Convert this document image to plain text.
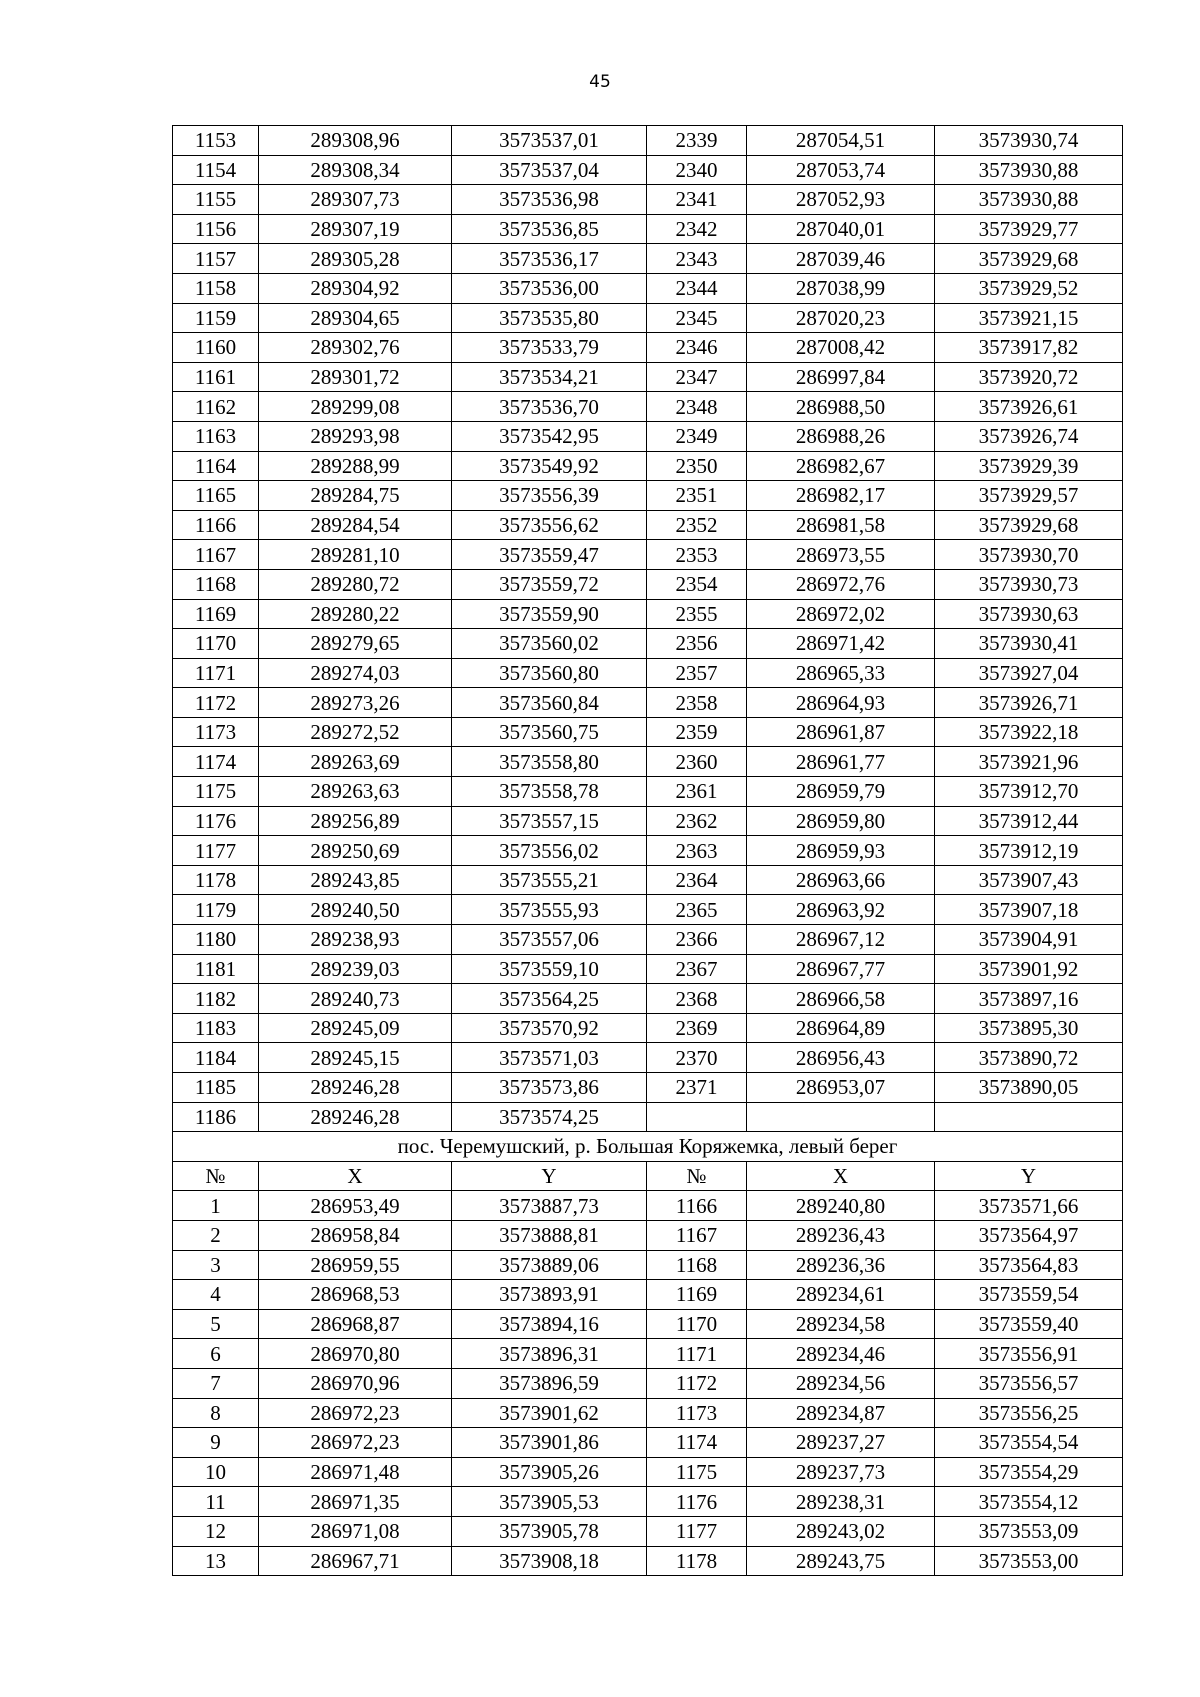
45
1153	289308,96	3573537,01	2339	287054,51	3573930,74
1154	289308,34	3573537,04	2340	287053,74	3573930,88
1155	289307,73	3573536,98	2341	287052,93	3573930,88
1156	289307,19	3573536,85	2342	287040,01	3573929,77
1157	289305,28	3573536,17	2343	287039,46	3573929,68
1158	289304,92	3573536,00	2344	287038,99	3573929,52
1159	289304,65	3573535,80	2345	287020,23	3573921,15
1160	289302,76	3573533,79	2346	287008,42	3573917,82
1161	289301,72	3573534,21	2347	286997,84	3573920,72
1162	289299,08	3573536,70	2348	286988,50	3573926,61
1163	289293,98	3573542,95	2349	286988,26	3573926,74
1164	289288,99	3573549,92	2350	286982,67	3573929,39
1165	289284,75	3573556,39	2351	286982,17	3573929,57
1166	289284,54	3573556,62	2352	286981,58	3573929,68
1167	289281,10	3573559,47	2353	286973,55	3573930,70
1168	289280,72	3573559,72	2354	286972,76	3573930,73
1169	289280,22	3573559,90	2355	286972,02	3573930,63
1170	289279,65	3573560,02	2356	286971,42	3573930,41
1171	289274,03	3573560,80	2357	286965,33	3573927,04
1172	289273,26	3573560,84	2358	286964,93	3573926,71
1173	289272,52	3573560,75	2359	286961,87	3573922,18
1174	289263,69	3573558,80	2360	286961,77	3573921,96
1175	289263,63	3573558,78	2361	286959,79	3573912,70
1176	289256,89	3573557,15	2362	286959,80	3573912,44
1177	289250,69	3573556,02	2363	286959,93	3573912,19
1178	289243,85	3573555,21	2364	286963,66	3573907,43
1179	289240,50	3573555,93	2365	286963,92	3573907,18
1180	289238,93	3573557,06	2366	286967,12	3573904,91
1181	289239,03	3573559,10	2367	286967,77	3573901,92
1182	289240,73	3573564,25	2368	286966,58	3573897,16
1183	289245,09	3573570,92	2369	286964,89	3573895,30
1184	289245,15	3573571,03	2370	286956,43	3573890,72
1185	289246,28	3573573,86	2371	286953,07	3573890,05
1186	289246,28	3573574,25			
пос. Черемушский, р. Большая Коряжемка, левый берег					
№	X	Y	№	X	Y
1	286953,49	3573887,73	1166	289240,80	3573571,66
2	286958,84	3573888,81	1167	289236,43	3573564,97
3	286959,55	3573889,06	1168	289236,36	3573564,83
4	286968,53	3573893,91	1169	289234,61	3573559,54
5	286968,87	3573894,16	1170	289234,58	3573559,40
6	286970,80	3573896,31	1171	289234,46	3573556,91
7	286970,96	3573896,59	1172	289234,56	3573556,57
8	286972,23	3573901,62	1173	289234,87	3573556,25
9	286972,23	3573901,86	1174	289237,27	3573554,54
10	286971,48	3573905,26	1175	289237,73	3573554,29
11	286971,35	3573905,53	1176	289238,31	3573554,12
12	286971,08	3573905,78	1177	289243,02	3573553,09
13	286967,71	3573908,18	1178	289243,75	3573553,00
